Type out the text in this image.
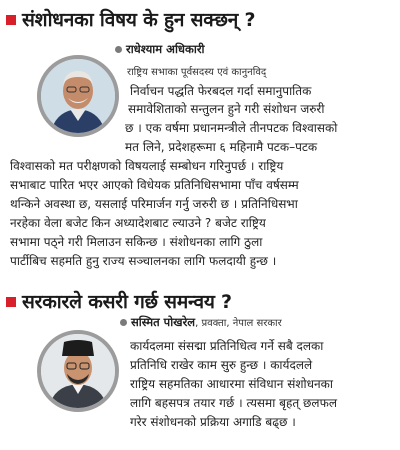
संशोधनका विषय के हुन सक्छन् ?
राधेश्याम अधिकारी
राष्ट्रिय सभाका पूर्वसदस्य एवं कानुनविद्
निर्वाचन पद्धति फेरबदल गर्दा समानुपातिक
समावेशिताको सन्तुलन हुने गरी संशोधन जरुरी
छ । एक वर्षमा प्रधानमन्त्रीले तीनपटक विश्वासको
मत लिने, प्रदेशहरूमा ६ महिनामै पटक–पटक
विश्वासको मत परीक्षणको विषयलाई सम्बोधन गरिनुपर्छ । राष्ट्रिय
सभाबाट पारित भएर आएको विधेयक प्रतिनिधिसभामा पाँच वर्षसम्म
थन्किने अवस्था छ, यसलाई परिमार्जन गर्नु जरुरी छ । प्रतिनिधिसभा
नरहेका वेला बजेट किन अध्यादेशबाट ल्याउने ? बजेट राष्ट्रिय
सभामा पठ्ने गरी मिलाउन सकिन्छ । संशोधनका लागि ठुला
पार्टीबिच सहमति हुनु राज्य सञ्चालनका लागि फलदायी हुन्छ ।
सरकारले कसरी गर्छ समन्वय ?
सस्मित पोखरेल, प्रवक्ता, नेपाल सरकार
कार्यदलमा संसद्मा प्रतिनिधित्व गर्ने सबै दलका
प्रतिनिधि राखेर काम सुरु हुन्छ । कार्यदलले
राष्ट्रिय सहमतिका आधारमा संविधान संशोधनका
लागि बहसपत्र तयार गर्छ । त्यसमा बृहत् छलफल
गरेर संशोधनको प्रक्रिया अगाडि बढ्छ ।
